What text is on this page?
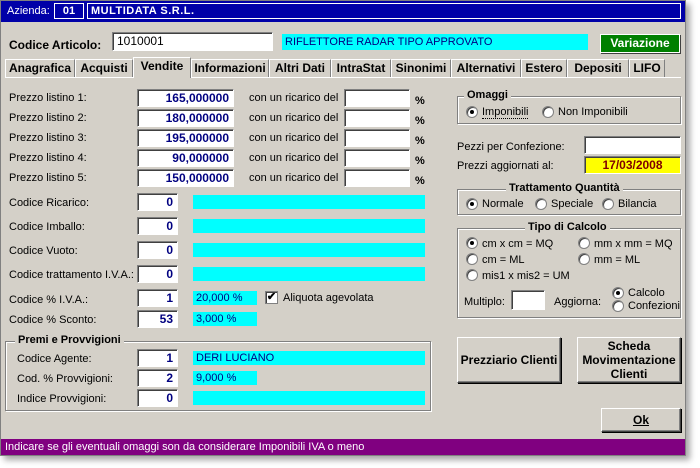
Azienda:	01	MULTIDATA S.R.L.
Codice Articolo:	1010001	RIFLETTORE RADAR TIPO APPROVATO	Variazione
Anagrafica Acquisti	Vendite Informazioni Altri Dati IntraStat Sinonimi Alternativi Estero Depositi LIFO
Prezzo listino 1:	165,000000	con un ricarico del	%
Prezzo listino 2:	180,000000	con un ricarico del	%
Prezzo listino 3:	195,000000	con un ricarico del	%
Prezzo listino 4:	90,000000	con un ricarico del	%
Prezzo listino 5:	150,000000	con un ricarico del	%
Codice Ricarico:	0
Codice Imballo:	0
Codice Vuoto:	0
Codice trattamento I.V.A.:	0
Codice % I.V.A.:	1	20,000 %	✔ Aliquota agevolata
Codice % Sconto:	53	3,000 %
Premi e Provvigioni
Codice Agente:	1	DERI LUCIANO
Cod. % Provvigioni:	2	9,000 %
Indice Provvigioni:	0
Omaggi
Imponibili	Non Imponibili
Pezzi per Confezione:
Prezzi aggiornati al:	17/03/2008
Trattamento Quantità
Normale Speciale Bilancia
Tipo di Calcolo
cm x cm = MQ	mm x mm = MQ
cm = ML	mm = ML
mis1 x mis2 = UM
Multiplo:	Aggiorna:
Calcolo
Confezioni
Prezziario Clienti
Scheda Movimentazione Clienti
Ok
Indicare se gli eventuali omaggi son da considerare Imponibili IVA o meno
